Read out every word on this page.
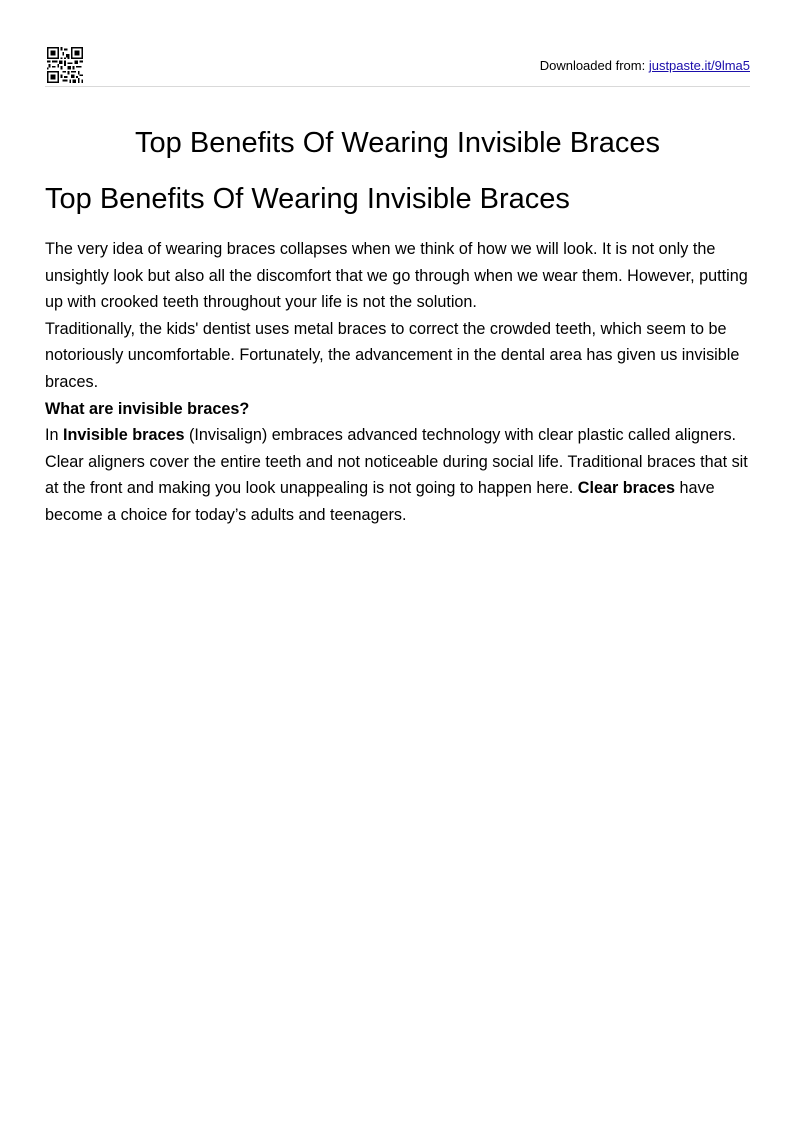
Downloaded from: justpaste.it/9lma5
Top Benefits Of Wearing Invisible Braces
Top Benefits Of Wearing Invisible Braces

The very idea of wearing braces collapses when we think of how we will look. It is not only the unsightly look but also all the discomfort that we go through when we wear them. However, putting up with crooked teeth throughout your life is not the solution.

Traditionally, the kids' dentist uses metal braces to correct the crowded teeth, which seem to be notoriously uncomfortable. Fortunately, the advancement in the dental area has given us invisible braces.

What are invisible braces?

In Invisible braces (Invisalign) embraces advanced technology with clear plastic called aligners. Clear aligners cover the entire teeth and not noticeable during social life. Traditional braces that sit at the front and making you look unappealing is not going to happen here. Clear braces have become a choice for today’s adults and teenagers.
